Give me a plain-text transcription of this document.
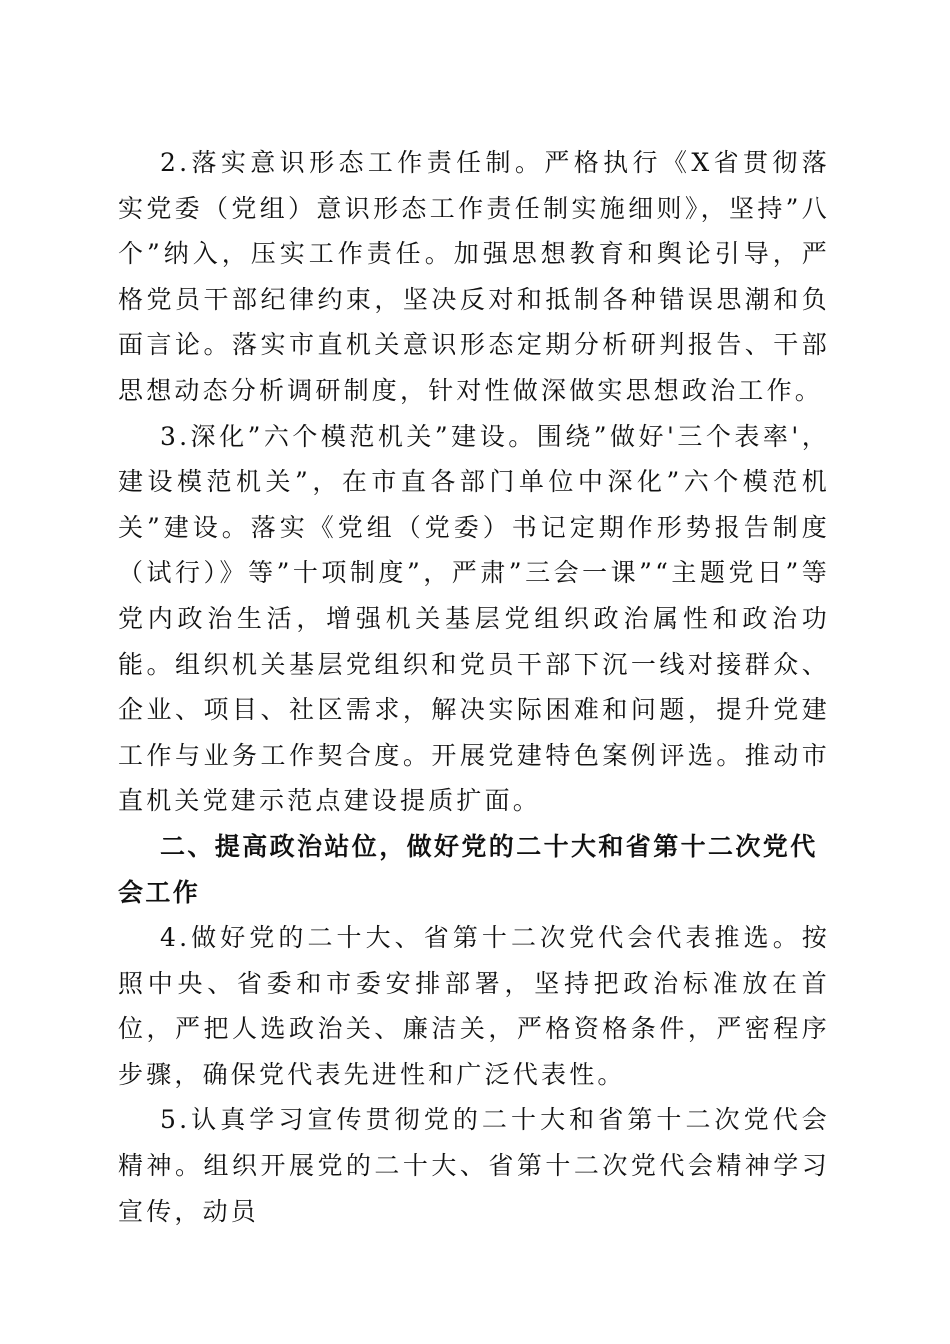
2.落实意识形态工作责任制。严格执行《X省贯彻落实党委（党组）意识形态工作责任制实施细则》，坚持”八个”纳入，压实工作责任。加强思想教育和舆论引导，严格党员干部纪律约束，坚决反对和抵制各种错误思潮和负面言论。落实市直机关意识形态定期分析研判报告、干部思想动态分析调研制度，针对性做深做实思想政治工作。

3.深化”六个模范机关”建设。围绕”做好'三个表率'，建设模范机关”，在市直各部门单位中深化”六个模范机关”建设。落实《党组（党委）书记定期作形势报告制度（试行）》等”十项制度”，严肃”三会一课”“主题党日”等党内政治生活，增强机关基层党组织政治属性和政治功能。组织机关基层党组织和党员干部下沉一线对接群众、企业、项目、社区需求，解决实际困难和问题，提升党建工作与业务工作契合度。开展党建特色案例评选。推动市直机关党建示范点建设提质扩面。

二、提高政治站位，做好党的二十大和省第十二次党代会工作

4.做好党的二十大、省第十二次党代会代表推选。按照中央、省委和市委安排部署，坚持把政治标准放在首位，严把人选政治关、廉洁关，严格资格条件，严密程序步骤，确保党代表先进性和广泛代表性。

5.认真学习宣传贯彻党的二十大和省第十二次党代会精神。组织开展党的二十大、省第十二次党代会精神学习宣传，动员
